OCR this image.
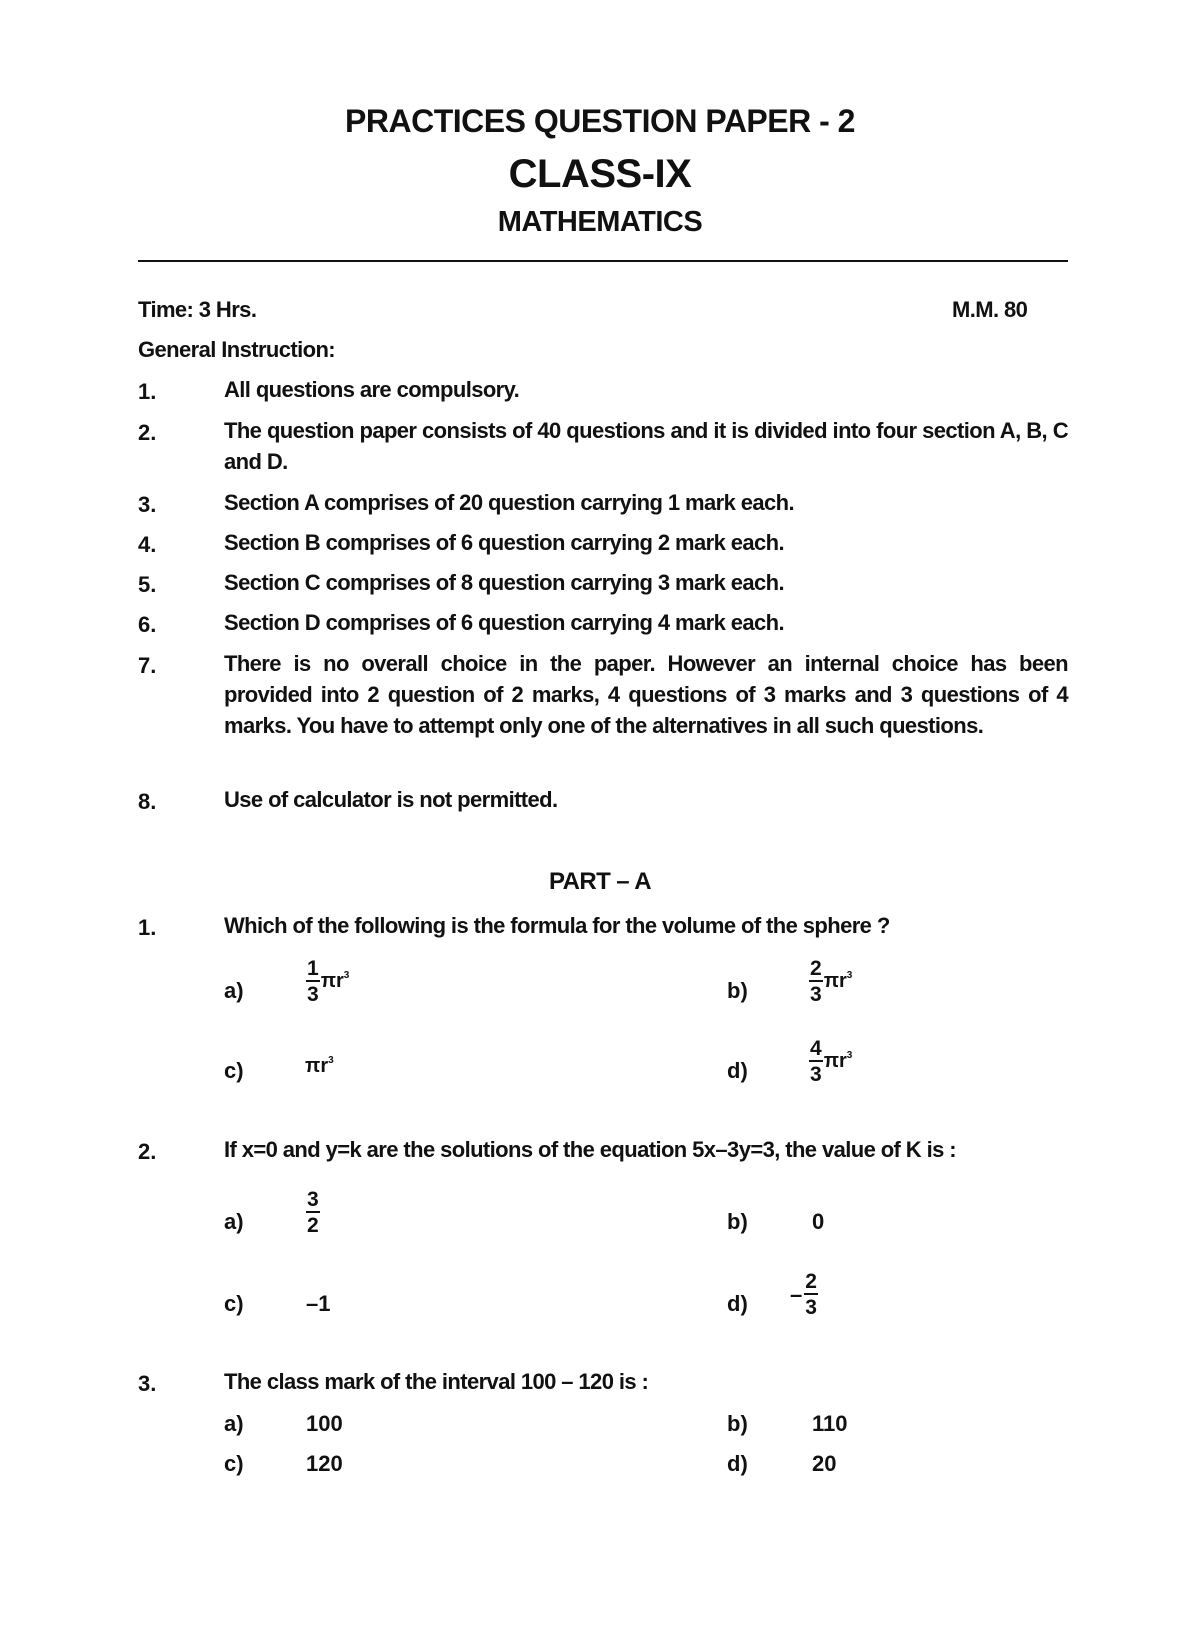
PRACTICES QUESTION PAPER - 2
CLASS-IX
MATHEMATICS
Time: 3 Hrs.	M.M. 80
General Instruction:
1.	All questions are compulsory.
2.	The question paper consists of 40 questions and it is divided into four section A, B, C and D.
3.	Section A comprises of 20 question carrying 1 mark each.
4.	Section B comprises of 6 question carrying 2 mark each.
5.	Section C comprises of 8 question carrying 3 mark each.
6.	Section D comprises of 6 question carrying 4 mark each.
7.	There is no overall choice in the paper. However an internal choice has been provided into 2 question of 2 marks, 4 questions of 3 marks and 3 questions of 4 marks. You have to attempt only one of the alternatives in all such questions.
8.	Use of calculator is not permitted.
PART – A
1.	Which of the following is the formula for the volume of the sphere ?
a)	$\frac{1}{3} \pi r^3$
b)	$\frac{2}{3} \pi r^3$
c)	$\pi r^3$	d)	$\frac{4}{3} \pi r^3$
2.	If x=0 and y=k are the solutions of the equation 5x–3y=3, the value of K is :
a)	$\frac{3}{2}$	b)	0
c)	–1	$d) - \frac{2}{3}$
3.	The class mark of the interval 100 – 120 is :
a)	100	b)	110
c)	120	d)	20
